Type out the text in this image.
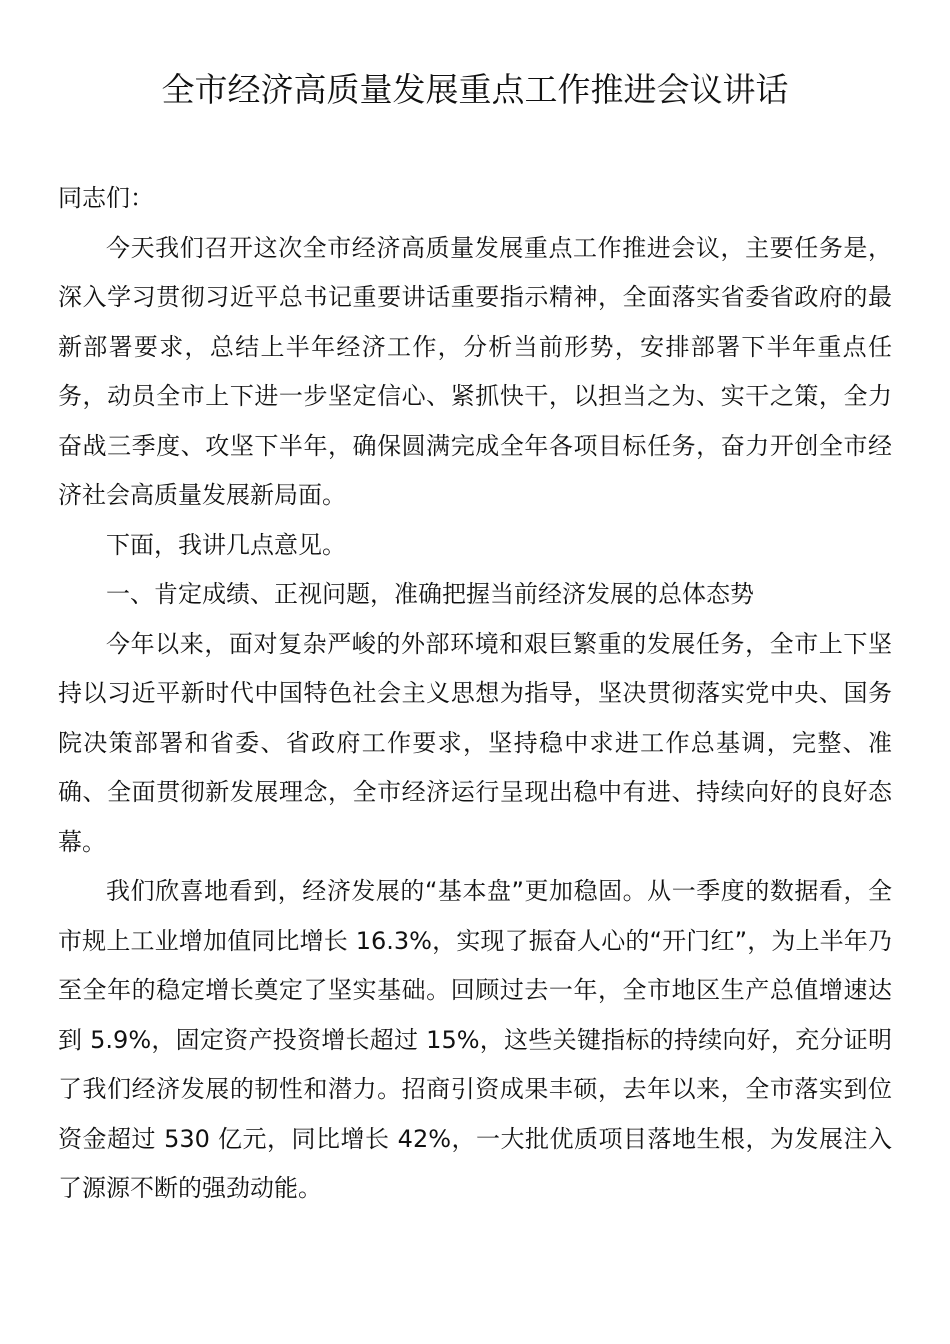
全市经济高质量发展重点工作推进会议讲话

同志们：

今天我们召开这次全市经济高质量发展重点工作推进会议，主要任务是，深入学习贯彻习近平总书记重要讲话重要指示精神，全面落实省委省政府的最新部署要求，总结上半年经济工作，分析当前形势，安排部署下半年重点任务，动员全市上下进一步坚定信心、紧抓快干，以担当之为、实干之策，全力奋战三季度、攻坚下半年，确保圆满完成全年各项目标任务，奋力开创全市经济社会高质量发展新局面。

下面，我讲几点意见。

一、肯定成绩、正视问题，准确把握当前经济发展的总体态势

今年以来，面对复杂严峻的外部环境和艰巨繁重的发展任务，全市上下坚持以习近平新时代中国特色社会主义思想为指导，坚决贯彻落实党中央、国务院决策部署和省委、省政府工作要求，坚持稳中求进工作总基调，完整、准确、全面贯彻新发展理念，全市经济运行呈现出稳中有进、持续向好的良好态幕。

我们欣喜地看到，经济发展的“基本盘”更加稳固。从一季度的数据看，全市规上工业增加值同比增长 16.3%，实现了振奋人心的“开门红”，为上半年乃至全年的稳定增长奠定了坚实基础。回顾过去一年，全市地区生产总值增速达到 5.9%，固定资产投资增长超过 15%，这些关键指标的持续向好，充分证明了我们经济发展的韧性和潜力。招商引资成果丰硕，去年以来，全市落实到位资金超过 530 亿元，同比增长 42%，一大批优质项目落地生根，为发展注入了源源不断的强劲动能。
